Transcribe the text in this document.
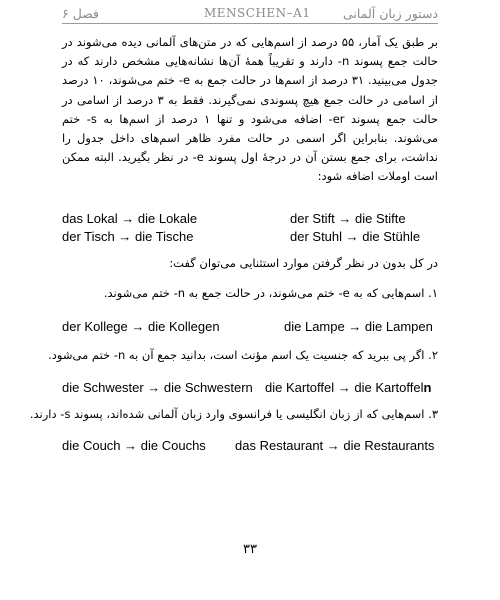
فصل ۶	MENSCHEN–A1	دستور زبان آلمانی
بر طبق یک آمار، ۵۵ درصد از اسم‌هایی که در متن‌های آلمانی دیده می‌شوند در حالت جمع پسوند n- دارند و تقریباً همهٔ آن‌ها نشانه‌هایی مشخص دارند که در جدول می‌بینید. ۳۱ درصد از اسم‌ها در حالت جمع به e- ختم می‌شوند، ۱۰ درصد از اسامی در حالت جمع هیچ پسوندی نمی‌گیرند. فقط به ۳ درصد از اسامی در حالت جمع پسوند er- اضافه می‌شود و تنها ۱ درصد از اسم‌ها به s- ختم می‌شوند. بنابراین اگر اسمی در حالت مفرد ظاهر اسم‌های داخل جدول را نداشت، برای جمع بستن آن در درجهٔ اول پسوند e- در نظر بگیرید. البته ممکن است اوملات اضافه شود:
das Lokal → die Lokale	der Stift → die Stifte
der Tisch → die Tische	der Stuhl → die Stühle
در کل بدون در نظر گرفتن موارد استثنایی می‌توان گفت:
۱. اسم‌هایی که به e- ختم می‌شوند، در حالت جمع به n- ختم می‌شوند.
der Kollege → die Kollegen	die Lampe → die Lampen
۲. اگر پی ببرید که جنسیت یک اسم مؤنث است، بدانید جمع آن به n- ختم می‌شود.
die Schwester → die Schwestern die Kartoffel → die Kartoffeln
۳. اسم‌هایی که از زبان انگلیسی یا فرانسوی وارد زبان آلمانی شده‌اند، پسوند s- دارند.
die Couch → die Couchs das Restaurant → die Restaurants
۳۳
